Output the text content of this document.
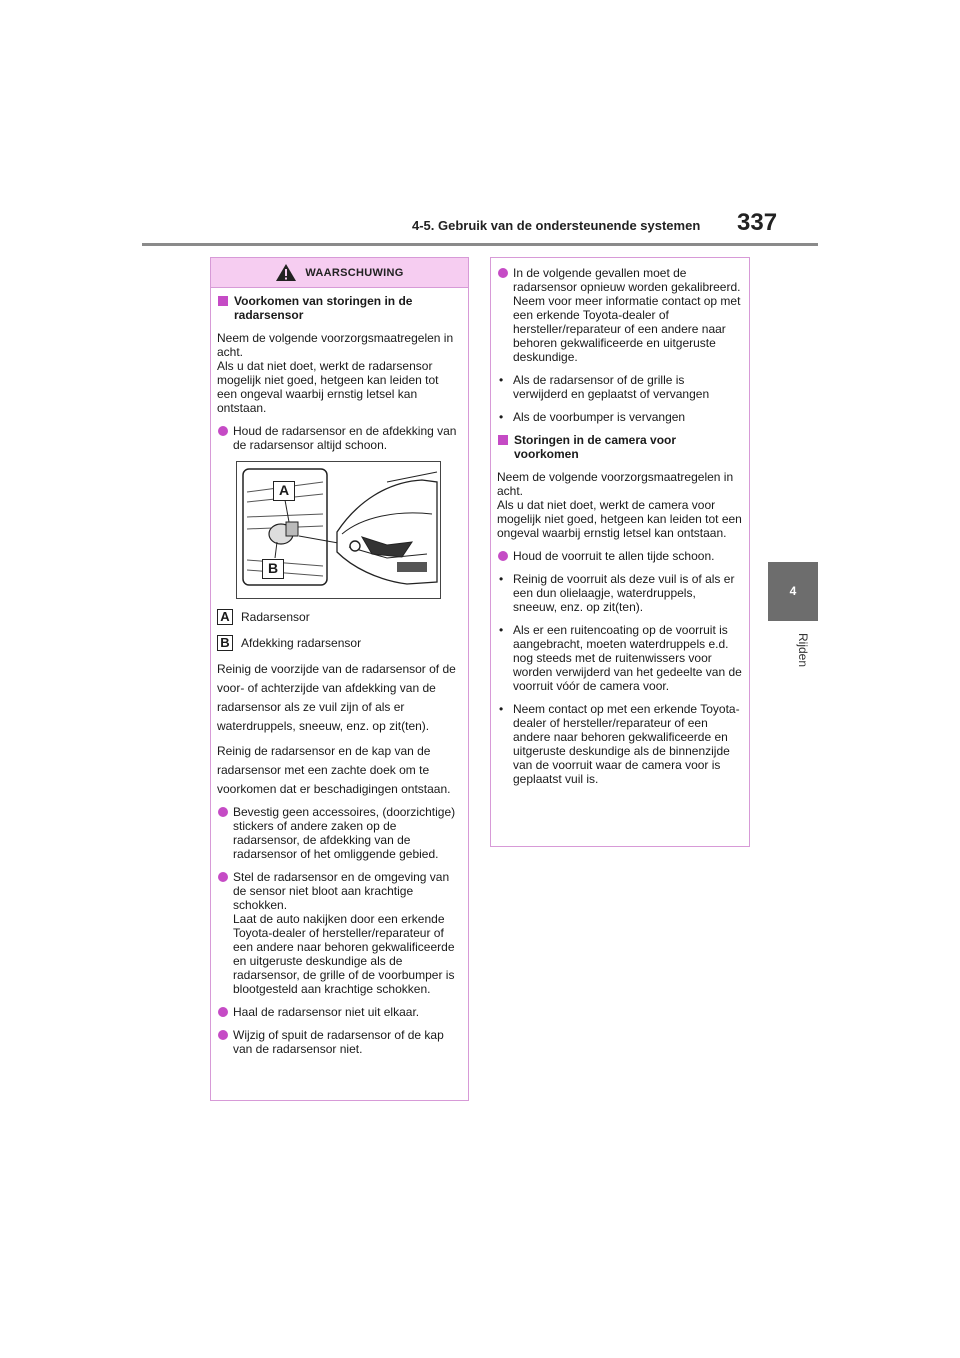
4-5. Gebruik van de ondersteunende systemen	337
4
Rijden
WAARSCHUWING
Voorkomen van storingen in de radarsensor

Neem de volgende voorzorgsmaatregelen in acht.
Als u dat niet doet, werkt de radarsensor mogelijk niet goed, hetgeen kan leiden tot een ongeval waarbij ernstig letsel kan ontstaan.

Houd de radarsensor en de afdekking van de radarsensor altijd schoon.
A
B
A Radarsensor
B Afdekking radarsensor

Reinig de voorzijde van de radarsensor of de voor- of achterzijde van afdekking van de radarsensor als ze vuil zijn of als er waterdruppels, sneeuw, enz. op zit(ten).

Reinig de radarsensor en de kap van de radarsensor met een zachte doek om te voorkomen dat er beschadigingen ontstaan.

Bevestig geen accessoires, (doorzichtige) stickers of andere zaken op de radarsensor, de afdekking van de radarsensor of het omliggende gebied.
Stel de radarsensor en de omgeving van de sensor niet bloot aan krachtige schokken.
Laat de auto nakijken door een erkende Toyota-dealer of hersteller/reparateur of een andere naar behoren gekwalificeerde en uitgeruste deskundige als de radarsensor, de grille of de voorbumper is blootgesteld aan krachtige schokken.
Haal de radarsensor niet uit elkaar.
Wijzig of spuit de radarsensor of de kap van de radarsensor niet.
In de volgende gevallen moet de radarsensor opnieuw worden gekalibreerd. Neem voor meer informatie contact op met een erkende Toyota-dealer of hersteller/reparateur of een andere naar behoren gekwalificeerde en uitgeruste deskundige.
• Als de radarsensor of de grille is verwijderd en geplaatst of vervangen
• Als de voorbumper is vervangen
Storingen in de camera voor voorkomen

Neem de volgende voorzorgsmaatregelen in acht.
Als u dat niet doet, werkt de camera voor mogelijk niet goed, hetgeen kan leiden tot een ongeval waarbij ernstig letsel kan ontstaan.

Houd de voorruit te allen tijde schoon.
• Reinig de voorruit als deze vuil is of als er een dun olielaagje, waterdruppels, sneeuw, enz. op zit(ten).
• Als er een ruitencoating op de voorruit is aangebracht, moeten waterdruppels e.d. nog steeds met de ruitenwissers voor worden verwijderd van het gedeelte van de voorruit vóór de camera voor.
• Neem contact op met een erkende Toyota-dealer of hersteller/reparateur of een andere naar behoren gekwalificeerde en uitgeruste deskundige als de binnenzijde van de voorruit waar de camera voor is geplaatst vuil is.
